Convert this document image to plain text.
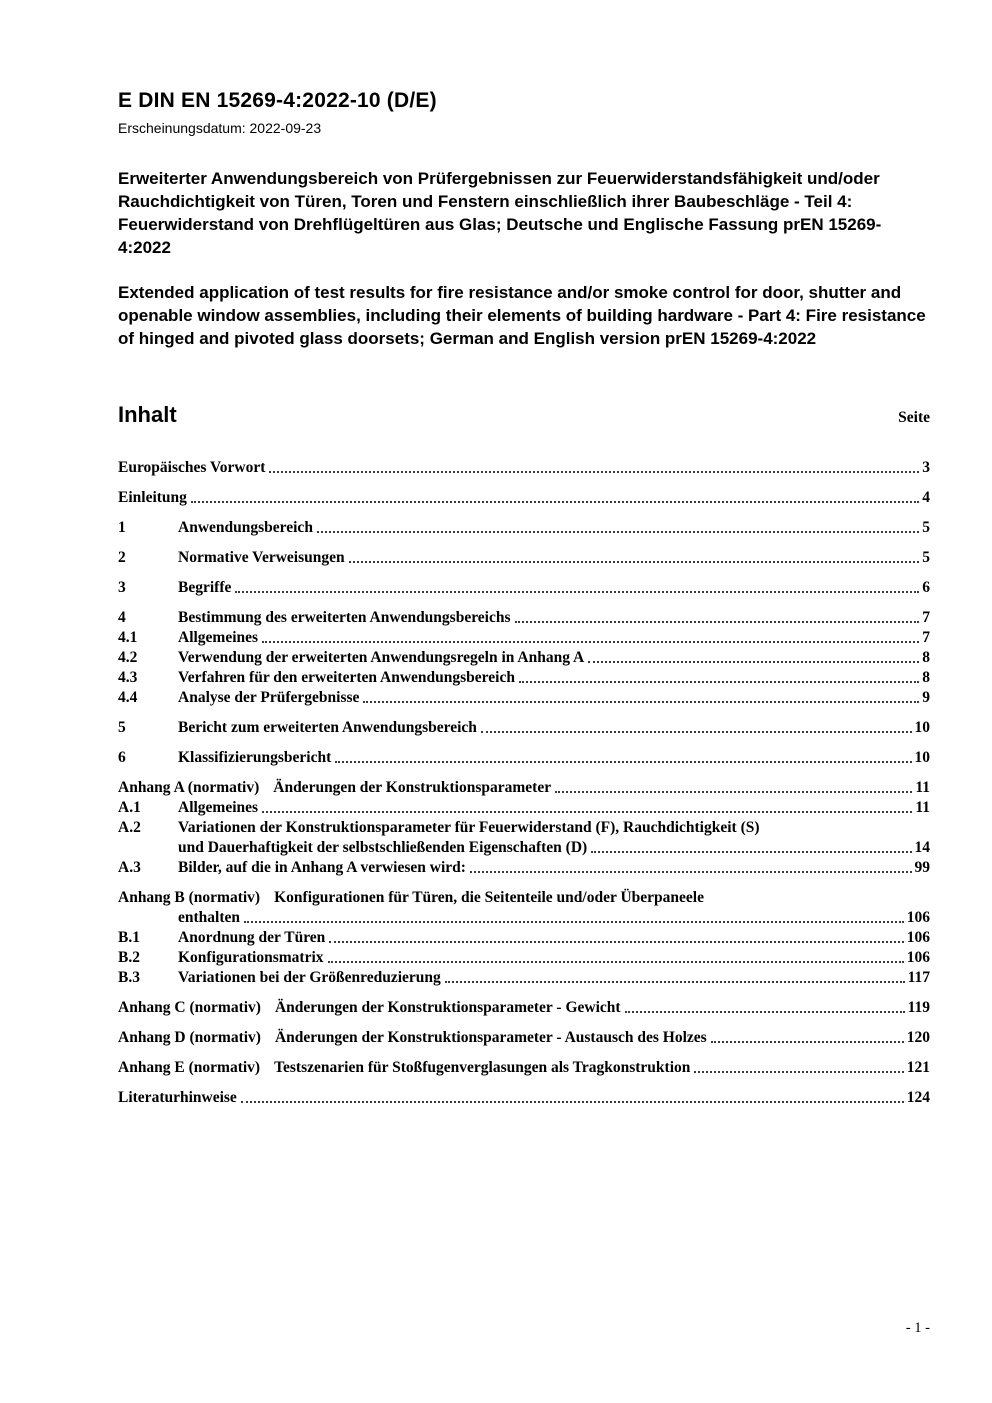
E DIN EN 15269-4:2022-10 (D/E)
Erscheinungsdatum: 2022-09-23
Erweiterter Anwendungsbereich von Prüfergebnissen zur Feuerwiderstandsfähigkeit und/oder Rauchdichtigkeit von Türen, Toren und Fenstern einschließlich ihrer Baubeschläge - Teil 4: Feuerwiderstand von Drehflügeltüren aus Glas; Deutsche und Englische Fassung prEN 15269-4:2022
Extended application of test results for fire resistance and/or smoke control for door, shutter and openable window assemblies, including their elements of building hardware - Part 4: Fire resistance of hinged and pivoted glass doorsets; German and English version prEN 15269-4:2022
Inhalt	Seite
Europäisches Vorwort	3
Einleitung	4
1	Anwendungsbereich	5
2	Normative Verweisungen	5
3	Begriffe	6
4	Bestimmung des erweiterten Anwendungsbereichs	7
4.1	Allgemeines	7
4.2	Verwendung der erweiterten Anwendungsregeln in Anhang A	8
4.3	Verfahren für den erweiterten Anwendungsbereich	8
4.4	Analyse der Prüfergebnisse	9
5	Bericht zum erweiterten Anwendungsbereich	10
6	Klassifizierungsbericht	10
Anhang A (normativ) Änderungen der Konstruktionsparameter	11
A.1	Allgemeines	11
A.2	Variationen der Konstruktionsparameter für Feuerwiderstand (F), Rauchdichtigkeit (S)
und Dauerhaftigkeit der selbstschließenden Eigenschaften (D)	14
A.3	Bilder, auf die in Anhang A verwiesen wird:	99
Anhang B (normativ) Konfigurationen für Türen, die Seitenteile und/oder Überpaneele
enthalten	106
B.1	Anordnung der Türen	106
B.2	Konfigurationsmatrix	106
B.3	Variationen bei der Größenreduzierung	117
Anhang C (normativ) Änderungen der Konstruktionsparameter - Gewicht	119
Anhang D (normativ) Änderungen der Konstruktionsparameter - Austausch des Holzes	120
Anhang E (normativ) Testszenarien für Stoßfugenverglasungen als Tragkonstruktion	121
Literaturhinweise	124
- 1 -
